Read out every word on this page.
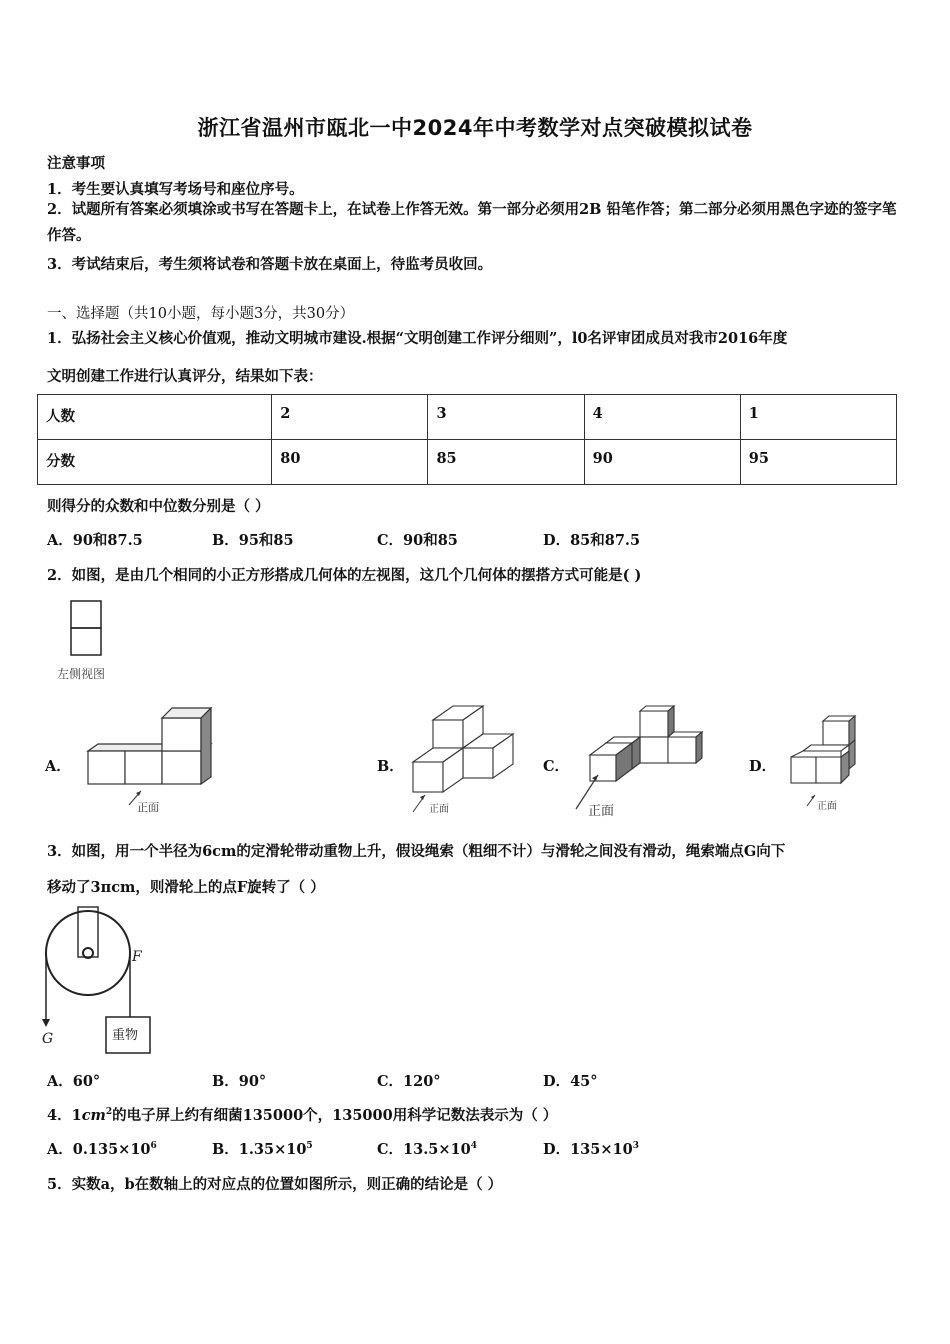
浙江省温州市瓯北一中2024年中考数学对点突破模拟试卷
注意事项
1．考生要认真填写考场号和座位序号。
2．试题所有答案必须填涂或书写在答题卡上，在试卷上作答无效。第一部分必须用2B 铅笔作答；第二部分必须用黑色字迹的签字笔作答。
3．考试结束后，考生须将试卷和答题卡放在桌面上，待监考员收回。
一、选择题（共10小题，每小题3分，共30分）
1．弘扬社会主义核心价值观，推动文明城市建设.根据“文明创建工作评分细则”，l0名评审团成员对我市2016年度
文明创建工作进行认真评分，结果如下表：
人数	2	3	4	1
分数	80	85	90	95
则得分的众数和中位数分别是（ ）
A．90和87.5	B．95和85	C．90和85	D．85和87.5
2．如图，是由几个相同的小正方形搭成几何体的左视图，这几个几何体的摆搭方式可能是( )
左侧视图
A．	B．	C．	D．
正面	正面	正面	正面
3．如图，用一个半径为6cm的定滑轮带动重物上升，假设绳索（粗细不计）与滑轮之间没有滑动，绳索端点G向下
移动了3πcm，则滑轮上的点F旋转了（ ）
重物
F
G
A．60°	B．90°	C．120°	D．45°
4．$1cm^2$的电子屏上约有细菌135000个，135000用科学记数法表示为（ ）
A．$0.135\times 10^6$	B．$1.35\times 10^5$	C．$13.5\times 10^4$	D．$135\times 10^3$
5．实数a，b在数轴上的对应点的位置如图所示，则正确的结论是（ ）
